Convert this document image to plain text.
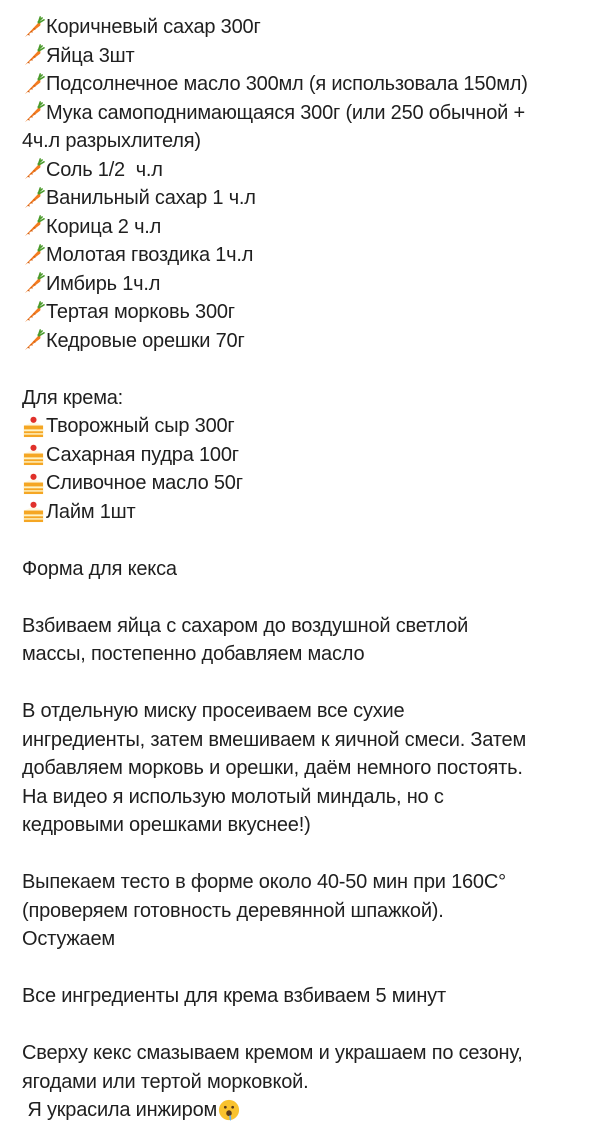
Коричневый сахар 300г
Яйца 3шт
Подсолнечное масло 300мл (я использовала 150мл)
Мука самоподнимающаяся 300г (или 250 обычной +
4ч.л разрыхлителя)
Соль 1/2  ч.л
Ванильный сахар 1 ч.л
Корица 2 ч.л
Молотая гвоздика 1ч.л
Имбирь 1ч.л
Тертая морковь 300г
Кедровые орешки 70г
Для крема:
Творожный сыр 300г
Сахарная пудра 100г
Сливочное масло 50г
Лайм 1шт
Форма для кекса
Взбиваем яйца с сахаром до воздушной светлой
массы, постепенно добавляем масло
В отдельную миску просеиваем все сухие
ингредиенты, затем вмешиваем к яичной смеси. Затем
добавляем морковь и орешки, даём немного постоять.
На видео я использую молотый миндаль, но с
кедровыми орешками вкуснее!)
Выпекаем тесто в форме около 40-50 мин при 160С°
(проверяем готовность деревянной шпажкой).
Остужаем
Все ингредиенты для крема взбиваем 5 минут
Сверху кекс смазываем кремом и украшаем по сезону,
ягодами или тертой морковкой.
Я украсила инжиром
